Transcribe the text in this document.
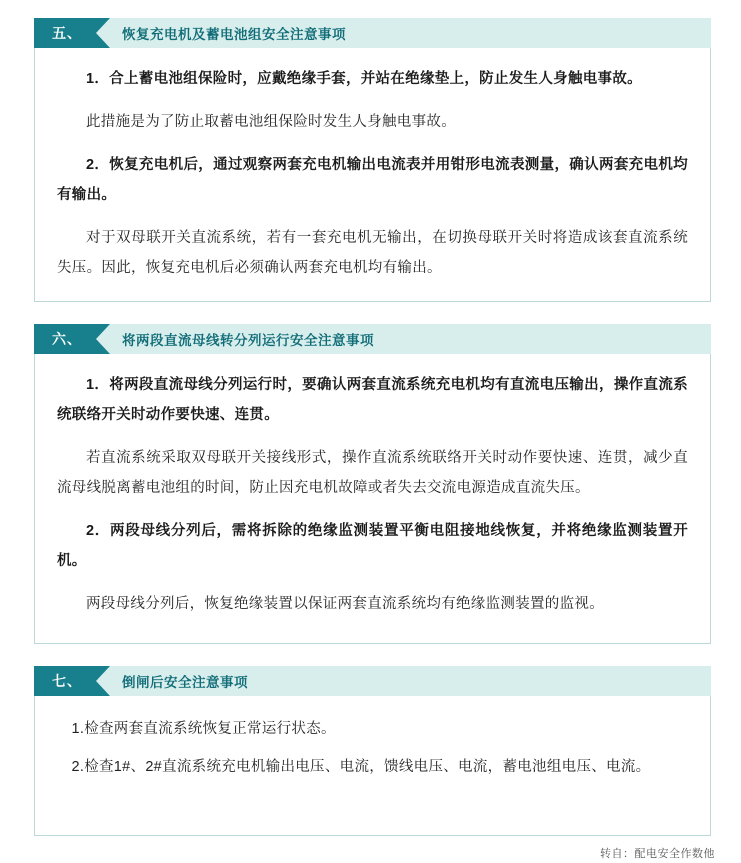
五、	恢复充电机及蓄电池组安全注意事项

1．合上蓄电池组保险时，应戴绝缘手套，并站在绝缘垫上，防止发生人身触电事故。

此措施是为了防止取蓄电池组保险时发生人身触电事故。

2．恢复充电机后，通过观察两套充电机输出电流表并用钳形电流表测量，确认两套充电机均有输出。

对于双母联开关直流系统，若有一套充电机无输出，在切换母联开关时将造成该套直流系统失压。因此，恢复充电机后必须确认两套充电机均有输出。

六、	将两段直流母线转分列运行安全注意事项

1．将两段直流母线分列运行时，要确认两套直流系统充电机均有直流电压输出，操作直流系统联络开关时动作要快速、连贯。

若直流系统采取双母联开关接线形式，操作直流系统联络开关时动作要快速、连贯，减少直流母线脱离蓄电池组的时间，防止因充电机故障或者失去交流电源造成直流失压。

2．两段母线分列后，需将拆除的绝缘监测装置平衡电阻接地线恢复，并将绝缘监测装置开机。

两段母线分列后，恢复绝缘装置以保证两套直流系统均有绝缘监测装置的监视。

七、	倒闸后安全注意事项

1.检查两套直流系统恢复正常运行状态。

2.检查1#、2#直流系统充电机输出电压、电流，馈线电压、电流，蓄电池组电压、电流。

转自：配电安全作数他
